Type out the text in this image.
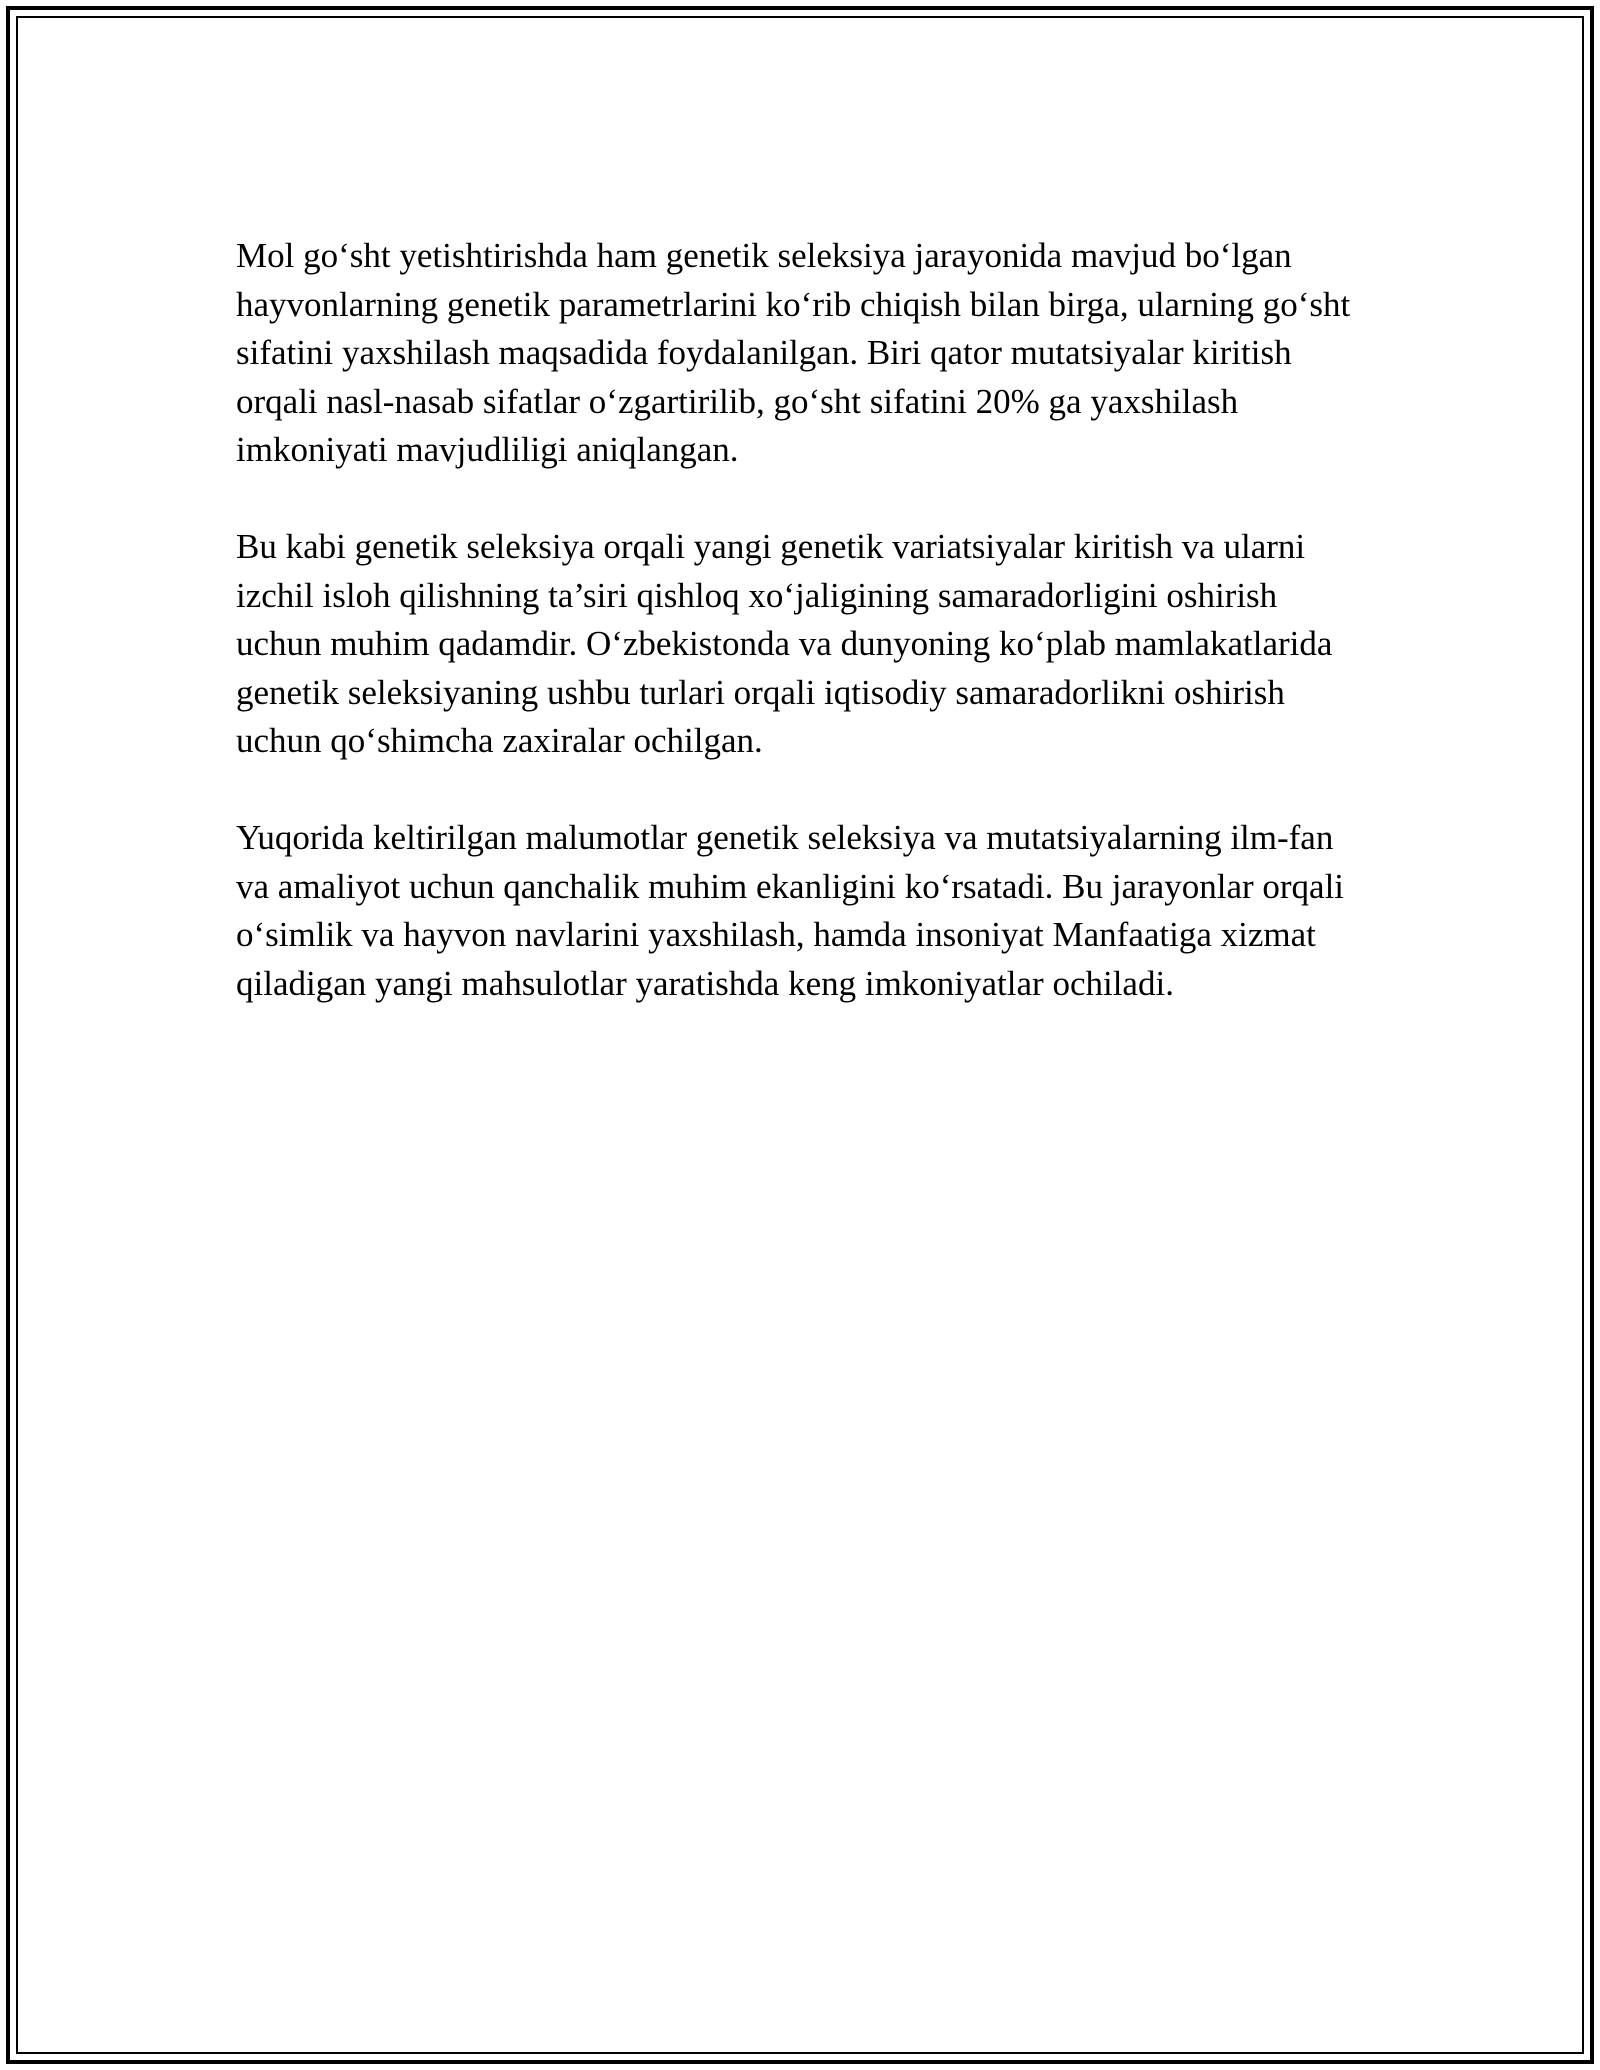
Mol go‘sht yetishtirishda ham genetik seleksiya jarayonida mavjud bo‘lgan hayvonlarning genetik parametrlarini ko‘rib chiqish bilan birga, ularning go‘sht sifatini yaxshilash maqsadida foydalanilgan. Biri qator mutatsiyalar kiritish orqali nasl-nasab sifatlar o‘zgartirilib, go‘sht sifatini 20% ga yaxshilash imkoniyati mavjudliligi aniqlangan.

Bu kabi genetik seleksiya orqali yangi genetik variatsiyalar kiritish va ularni izchil isloh qilishning ta’siri qishloq xo‘jaligining samaradorligini oshirish uchun muhim qadamdir. O‘zbekistonda va dunyoning ko‘plab mamlakatlarida genetik seleksiyaning ushbu turlari orqali iqtisodiy samaradorlikni oshirish uchun qo‘shimcha zaxiralar ochilgan.

Yuqorida keltirilgan malumotlar genetik seleksiya va mutatsiyalarning ilm-fan va amaliyot uchun qanchalik muhim ekanligini ko‘rsatadi. Bu jarayonlar orqali o‘simlik va hayvon navlarini yaxshilash, hamda insoniyat Manfaatiga xizmat qiladigan yangi mahsulotlar yaratishda keng imkoniyatlar ochiladi.
